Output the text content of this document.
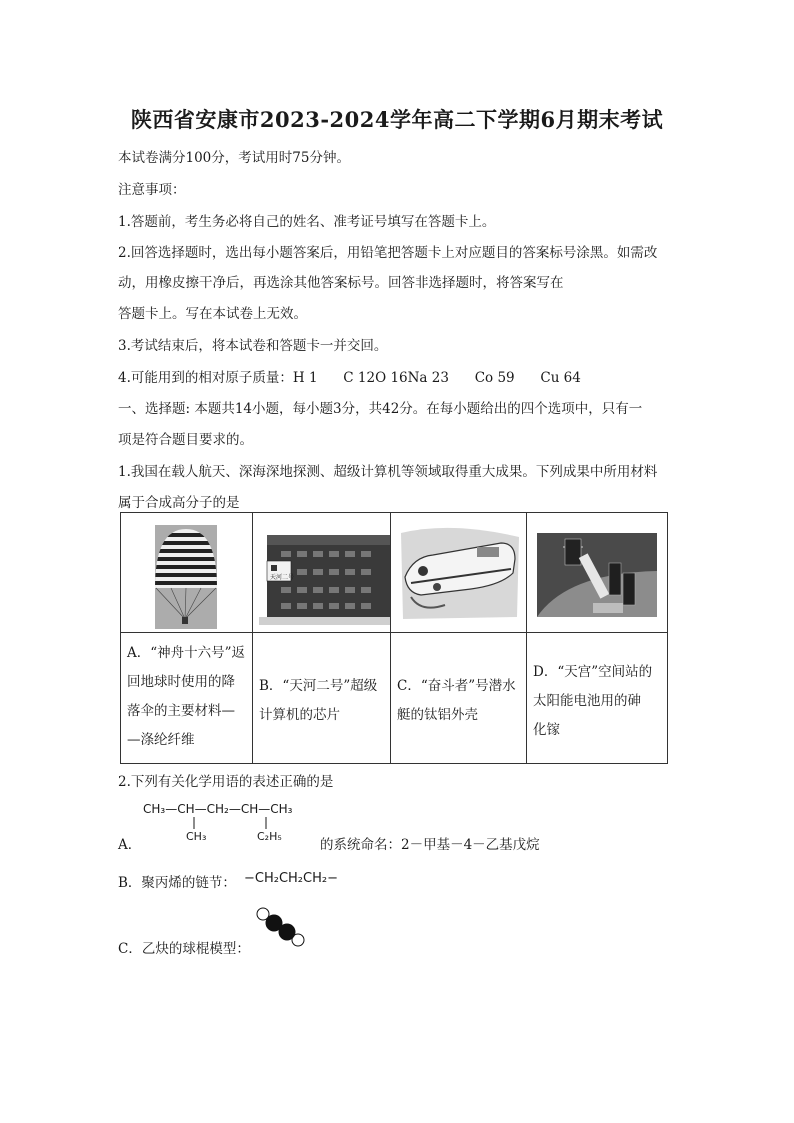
陕西省安康市2023-2024学年高二下学期6月期末考试
本试卷满分100分，考试用时75分钟。
注意事项：
1.答题前，考生务必将自己的姓名、准考证号填写在答题卡上。
2.回答选择题时，选出每小题答案后，用铅笔把答题卡上对应题目的答案标号涂黑。如需改
动，用橡皮擦干净后，再选涂其他答案标号。回答非选择题时，将答案写在
答题卡上。写在本试卷上无效。
3.考试结束后，将本试卷和答题卡一并交回。
4.可能用到的相对原子质量：H 1      C 12O 16Na 23      Co 59      Cu 64
一、选择题: 本题共14小题，每小题3分，共42分。在每小题给出的四个选项中，只有一
项是符合题目要求的。
1.我国在载人航天、深海深地探测、超级计算机等领域取得重大成果。下列成果中所用材料
属于合成高分子的是
天河二号
A．“神舟十六号”返
回地球时使用的降
落伞的主要材料—
—涤纶纤维
B．“天河二号”超级
计算机的芯片
C．“奋斗者”号潜水
艇的钛铝外壳
D．“天宫”空间站的
太阳能电池用的砷
化镓
2.下列有关化学用语的表述正确的是
CH₃—CH—CH₂—CH—CH₃
CH₃	C₂H₅
A．	的系统命名：2－甲基－4－乙基戊烷
B．聚丙烯的链节： −CH₂CH₂CH₂−
C．乙炔的球棍模型：
